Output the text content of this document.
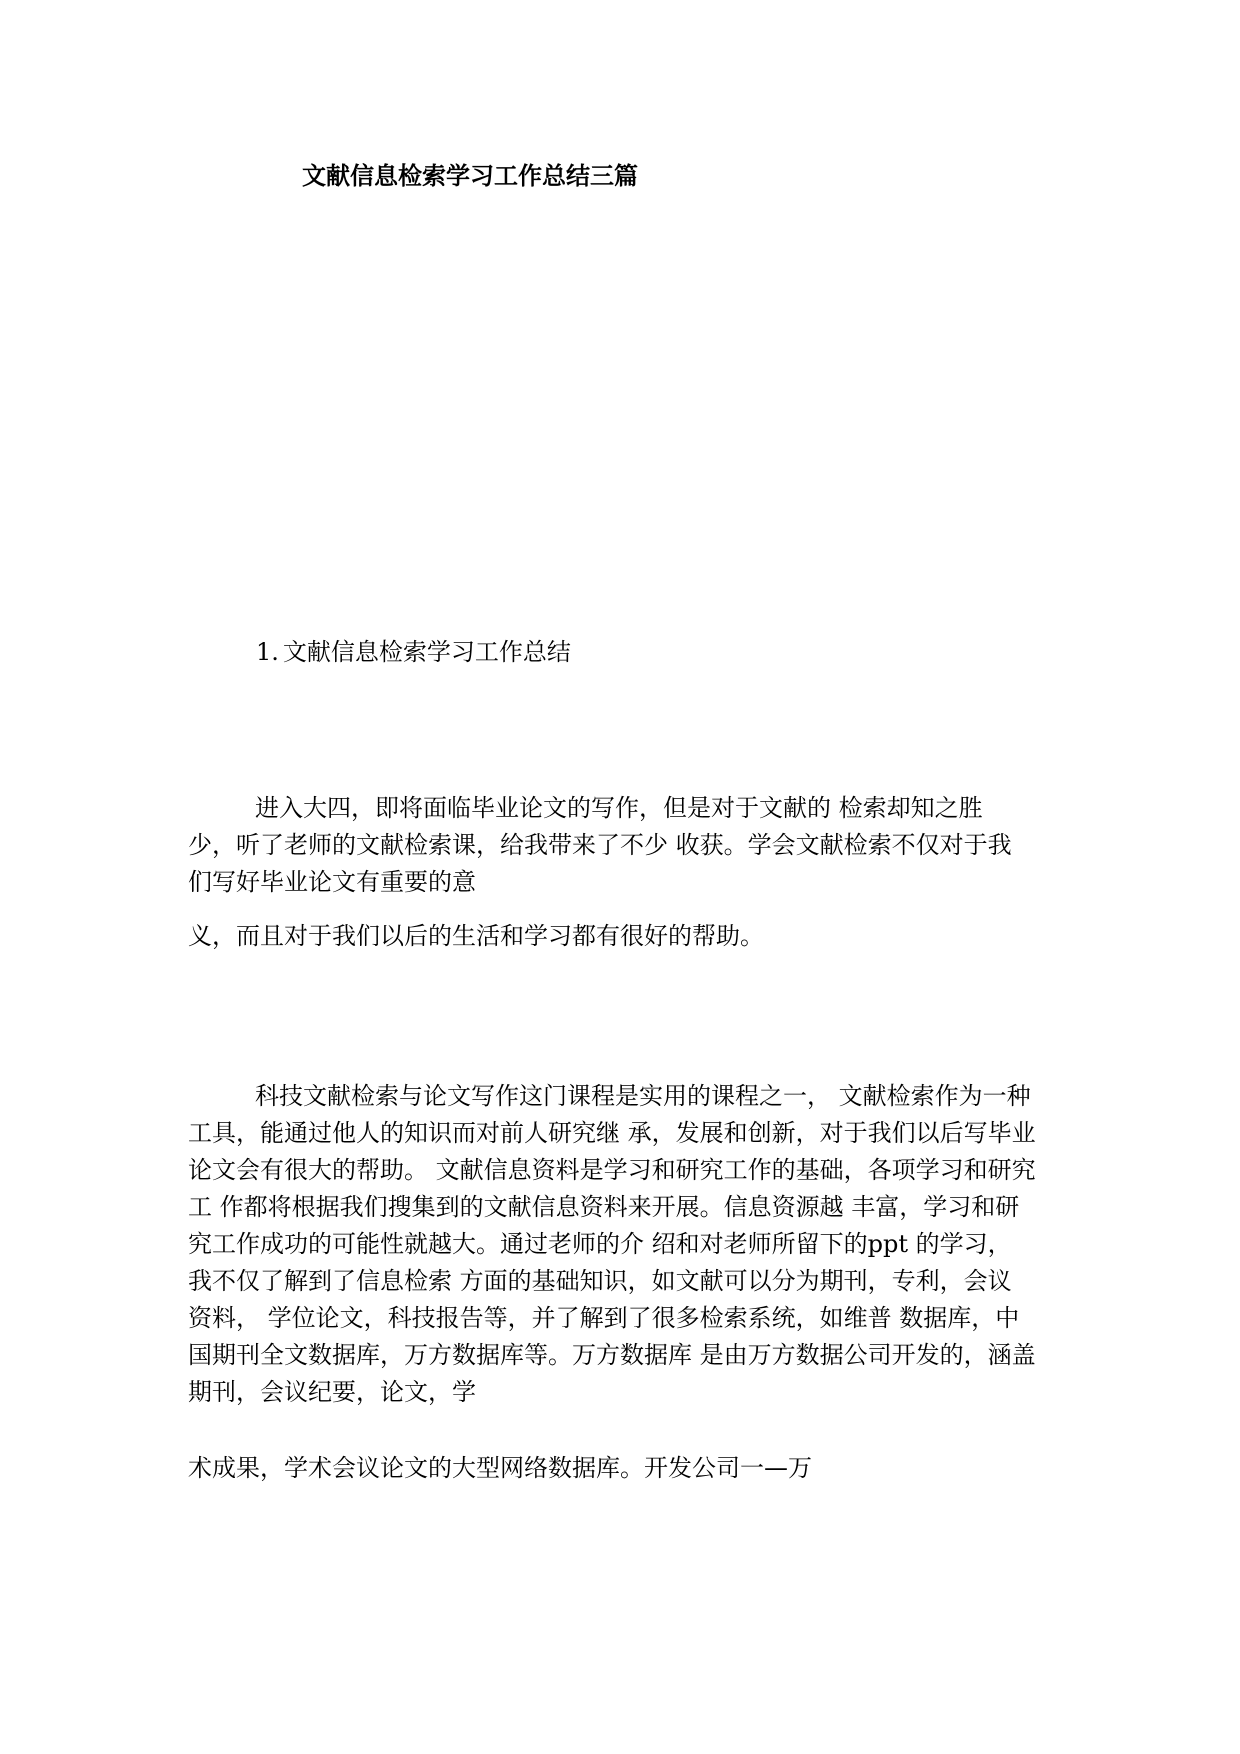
文献信息检索学习工作总结三篇
1. 文献信息检索学习工作总结

进入大四，即将面临毕业论文的写作，但是对于文献的 检索却知之胜
少，听了老师的文献检索课，给我带来了不少 收获。学会文献检索不仅对于我
们写好毕业论文有重要的意

义，而且对于我们以后的生活和学习都有很好的帮助。

科技文献检索与论文写作这门课程是实用的课程之一， 文献检索作为一种
工具，能通过他人的知识而对前人研究继 承，发展和创新，对于我们以后写毕业
论文会有很大的帮助。 文献信息资料是学习和研究工作的基础，各项学习和研究
工 作都将根据我们搜集到的文献信息资料来开展。信息资源越 丰富，学习和研
究工作成功的可能性就越大。通过老师的介 绍和对老师所留下的ppt 的学习，
我不仅了解到了信息检索 方面的基础知识，如文献可以分为期刊，专利，会议
资料， 学位论文，科技报告等，并了解到了很多检索系统，如维普 数据库，中
国期刊全文数据库，万方数据库等。万方数据库 是由万方数据公司开发的，涵盖
期刊，会议纪要，论文，学

术成果，学术会议论文的大型网络数据库。开发公司一—万
